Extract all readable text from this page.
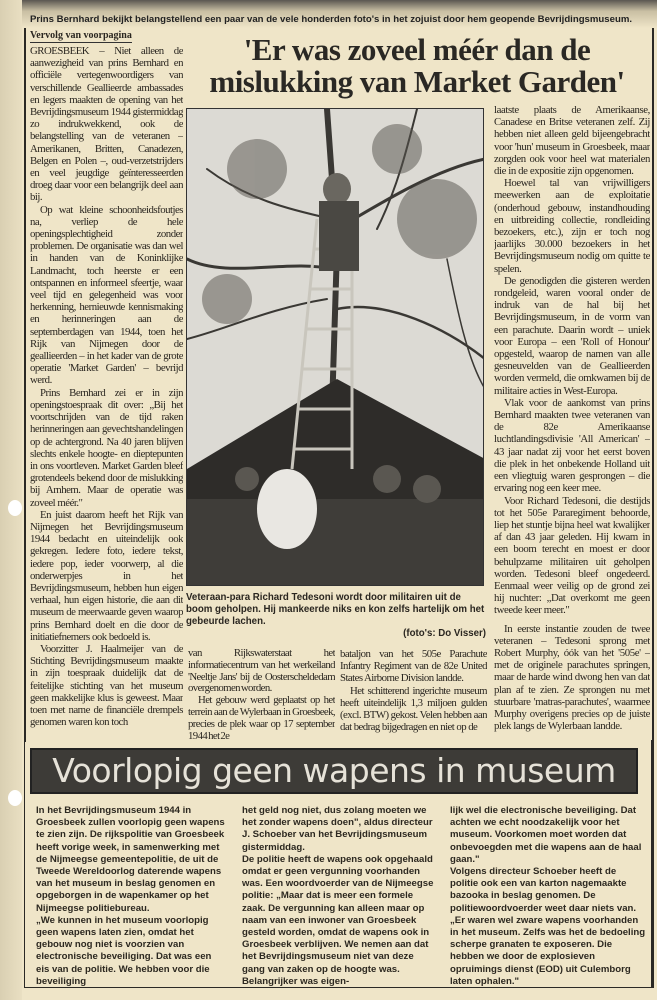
Prins Bernhard bekijkt belangstellend een paar van de vele honderden foto's in het zojuist door hem geopende Bevrijdingsmuseum.
Vervolg van voorpagina	'Er was zoveel méér dan de mislukking van Market Garden'

GROESBEEK – Niet alleen de aanwezigheid van prins Bernhard en officiële vertegenwoordigers van verschillende Geallieerde ambassades en legers maakten de opening van het Bevrijdingsmuseum 1944 gistermiddag zo indrukwekkend, ook de belangstelling van de veteranen – Amerikanen, Britten, Canadezen, Belgen en Polen –, oud-verzetstrijders en veel jeugdige geïnteresseerden droeg daar voor een belangrijk deel aan bij.

Op wat kleine schoonheidsfoutjes na, verliep de hele openingsplechtigheid zonder problemen. De organisatie was dan wel in handen van de Koninklijke Landmacht, toch heerste er een ontspannen en informeel sfeertje, waar veel tijd en gelegenheid was voor herkenning, hernieuwde kennismaking en herinneringen aan de septemberdagen van 1944, toen het Rijk van Nijmegen door de geallieerden – in het kader van de grote operatie 'Market Garden' – bevrijd werd.

Prins Bernhard zei er in zijn openingstoespraak dit over: „Bij het voortschrijden van de tijd raken herinneringen aan gevechtshandelingen op de achtergrond. Na 40 jaren blijven slechts enkele hoogte- en dieptepunten in ons voortleven. Market Garden bleef grotendeels bekend door de mislukking bij Arnhem. Maar de operatie was zoveel méér."

En juist daarom heeft het Rijk van Nijmegen het Bevrijdingsmuseum 1944 bedacht en uiteindelijk ook gekregen. Iedere foto, iedere tekst, iedere pop, ieder voorwerp, al die onderwerpjes in het Bevrijdingsmuseum, hebben hun eigen verhaal, hun eigen historie, die aan dit museum de meerwaarde geven waarop prins Bernhard doelt en die door de initiatiefnemers ook bedoeld is.

Voorzitter J. Haalmeijer van de Stichting Bevrijdingsmuseum maakte in zijn toespraak duidelijk dat de feitelijke stichting van het museum geen makkelijke klus is geweest. Maar toen met name de financiële drempels genomen waren kon toch

Veteraan-para Richard Tedesoni wordt door militairen uit de boom geholpen. Hij mankeerde niks en kon zelfs hartelijk om het gebeurde lachen.
(foto's: Do Visser)

van Rijkswaterstaat het informatiecentrum van het werkeiland 'Neeltje Jans' bij de Oosterscheldedam overgenomen worden.

Het gebouw werd geplaatst op het terrein aan de Wylerbaan in Groesbeek, precies de plek waar op 17 september 1944 het 2e

bataljon van het 505e Parachute Infantry Regiment van de 82e United States Airborne Division landde.

Het schitterend ingerichte museum heeft uiteindelijk 1,3 miljoen gulden (excl. BTW) gekost. Velen hebben aan dat bedrag bijgedragen en niet op de

laatste plaats de Amerikaanse, Canadese en Britse veteranen zelf. Zij hebben niet alleen geld bijeengebracht voor 'hun' museum in Groesbeek, maar zorgden ook voor heel wat materialen die in de expositie zijn opgenomen.

Hoewel tal van vrijwilligers meewerken aan de exploitatie (onderhoud gebouw, instandhouding en uitbreiding collectie, rondleiding bezoekers, etc.), zijn er toch nog jaarlijks 30.000 bezoekers in het Bevrijdingsmuseum nodig om quitte te spelen.

De genodigden die gisteren werden rondgeleid, waren vooral onder de indruk van de hal bij het Bevrijdingsmuseum, in de vorm van een parachute. Daarin wordt – uniek voor Europa – een 'Roll of Honour' opgesteld, waarop de namen van alle gesneuvelden van de Geallieerden worden vermeld, die omkwamen bij de militaire acties in West-Europa.

Vlak voor de aankomst van prins Bernhard maakten twee veteranen van de 82e Amerikaanse luchtlandingsdivisie 'All American' – 43 jaar nadat zij voor het eerst boven die plek in het onbekende Holland uit een vliegtuig waren gesprongen – die ervaring nog een keer mee.

Voor Richard Tedesoni, die destijds tot het 505e Pararegiment behoorde, liep het stuntje bijna heel wat kwalijker af dan 43 jaar geleden. Hij kwam in een boom terecht en moest er door behulpzame militairen uit geholpen worden. Tedesoni bleef ongedeerd. Eenmaal weer veilig op de grond zei hij nuchter: „Dat overkomt me geen tweede keer meer."

In eerste instantie zouden de twee veteranen – Tedesoni sprong met Robert Murphy, óók van het '505e' – met de originele parachutes springen, maar de harde wind dwong hen van dat plan af te zien. Ze sprongen nu met stuurbare 'matras-parachutes', waarmee Murphy overigens precies op de juiste plek langs de Wylerbaan landde.

Voorlopig geen wapens in museum

In het Bevrijdingsmuseum 1944 in Groesbeek zullen voorlopig geen wapens te zien zijn. De rijkspolitie van Groesbeek heeft vorige week, in samenwerking met de Nijmeegse gemeentepolitie, de uit de Tweede Wereldoorlog daterende wapens van het museum in beslag genomen en opgeborgen in de wapenkamer op het Nijmeegse politiebureau.

„We kunnen in het museum voorlopig geen wapens laten zien, omdat het gebouw nog niet is voorzien van electronische beveiliging. Dat was een eis van de politie. We hebben voor die beveiliging

het geld nog niet, dus zolang moeten we het zonder wapens doen", aldus directeur J. Schoeber van het Bevrijdingsmuseum gistermiddag.

De politie heeft de wapens ook opgehaald omdat er geen vergunning voorhanden was. Een woordvoerder van de Nijmeegse politie: „Maar dat is meer een formele zaak. De vergunning kan alleen maar op naam van een inwoner van Groesbeek gesteld worden, omdat de wapens ook in Groesbeek verblijven. We nemen aan dat het Bevrijdingsmuseum niet van deze gang van zaken op de hoogte was. Belangrijker was eigen-

lijk wel die electronische beveiliging. Dat achten we echt noodzakelijk voor het museum. Voorkomen moet worden dat onbevoegden met die wapens aan de haal gaan."

Volgens directeur Schoeber heeft de politie ook een van karton nagemaakte bazooka in beslag genomen. De politiewoordvoerder weet daar niets van. „Er waren wel zware wapens voorhanden in het museum. Zelfs was het de bedoeling scherpe granaten te exposeren. Die hebben we door de explosieven opruimings dienst (EOD) uit Culemborg laten ophalen."
